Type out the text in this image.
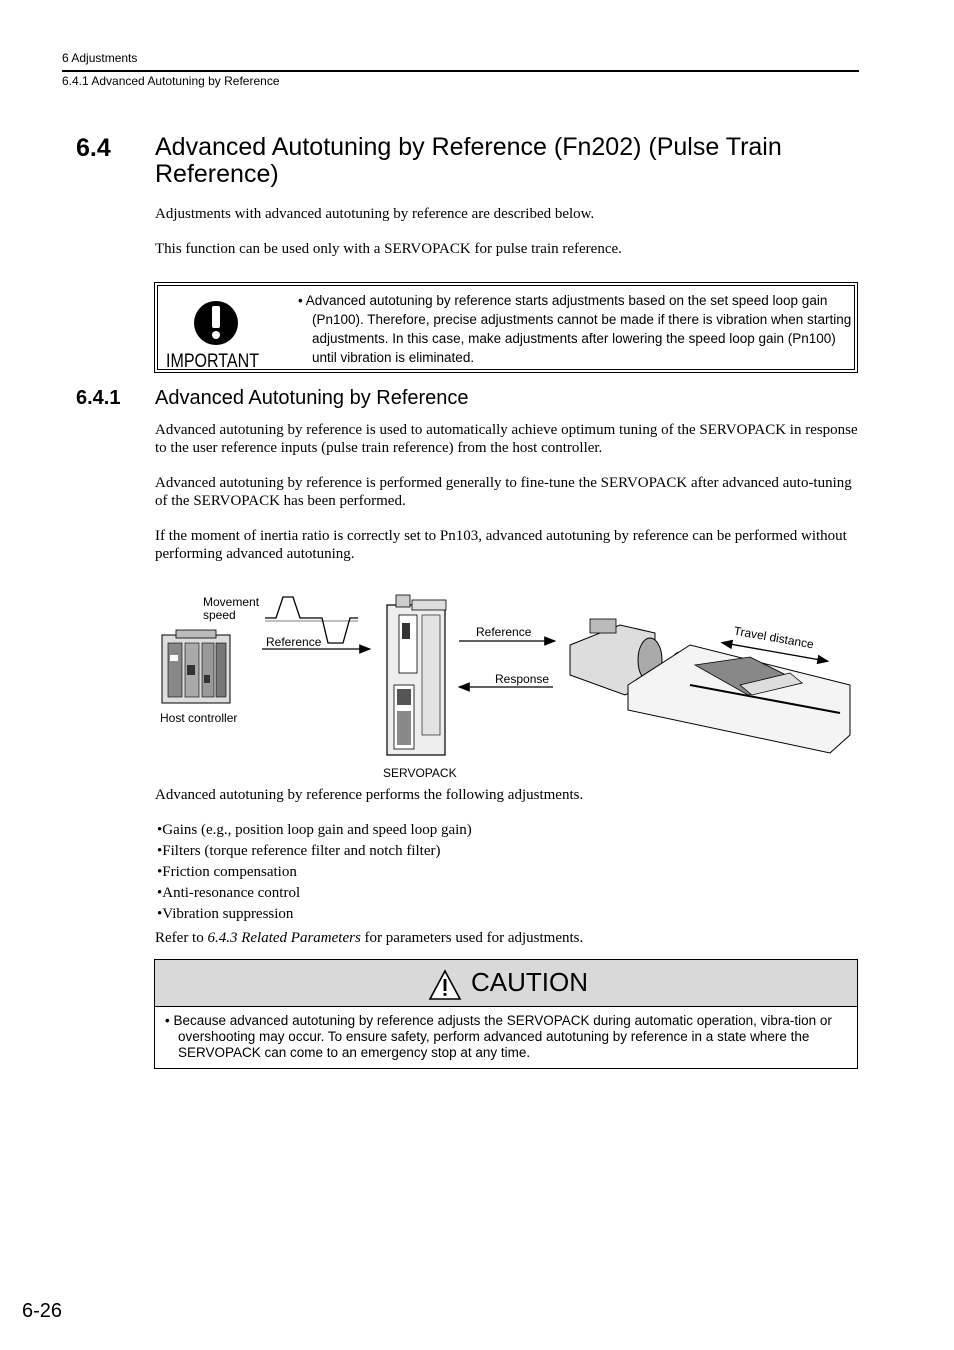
6 Adjustments
6.4.1 Advanced Autotuning by Reference
6.4 Advanced Autotuning by Reference (Fn202) (Pulse Train Reference)
Adjustments with advanced autotuning by reference are described below.
This function can be used only with a SERVOPACK for pulse train reference.
IMPORTANT
• Advanced autotuning by reference starts adjustments based on the set speed loop gain (Pn100). Therefore, precise adjustments cannot be made if there is vibration when starting adjustments. In this case, make adjustments after lowering the speed loop gain (Pn100) until vibration is eliminated.
6.4.1 Advanced Autotuning by Reference
Advanced autotuning by reference is used to automatically achieve optimum tuning of the SERVOPACK in response to the user reference inputs (pulse train reference) from the host controller.
Advanced autotuning by reference is performed generally to fine-tune the SERVOPACK after advanced auto-tuning of the SERVOPACK has been performed.
If the moment of inertia ratio is correctly set to Pn103, advanced autotuning by reference can be performed without performing advanced autotuning.
Movement
speed
Reference
Host controller
SERVOPACK
Reference
Response
Travel distance
Advanced autotuning by reference performs the following adjustments.
• Gains (e.g., position loop gain and speed loop gain)
• Filters (torque reference filter and notch filter)
• Friction compensation
• Anti-resonance control
• Vibration suppression
Refer to 6.4.3 Related Parameters for parameters used for adjustments.
CAUTION
• Because advanced autotuning by reference adjusts the SERVOPACK during automatic operation, vibra-tion or overshooting may occur. To ensure safety, perform advanced autotuning by reference in a state where the SERVOPACK can come to an emergency stop at any time.
6-26
